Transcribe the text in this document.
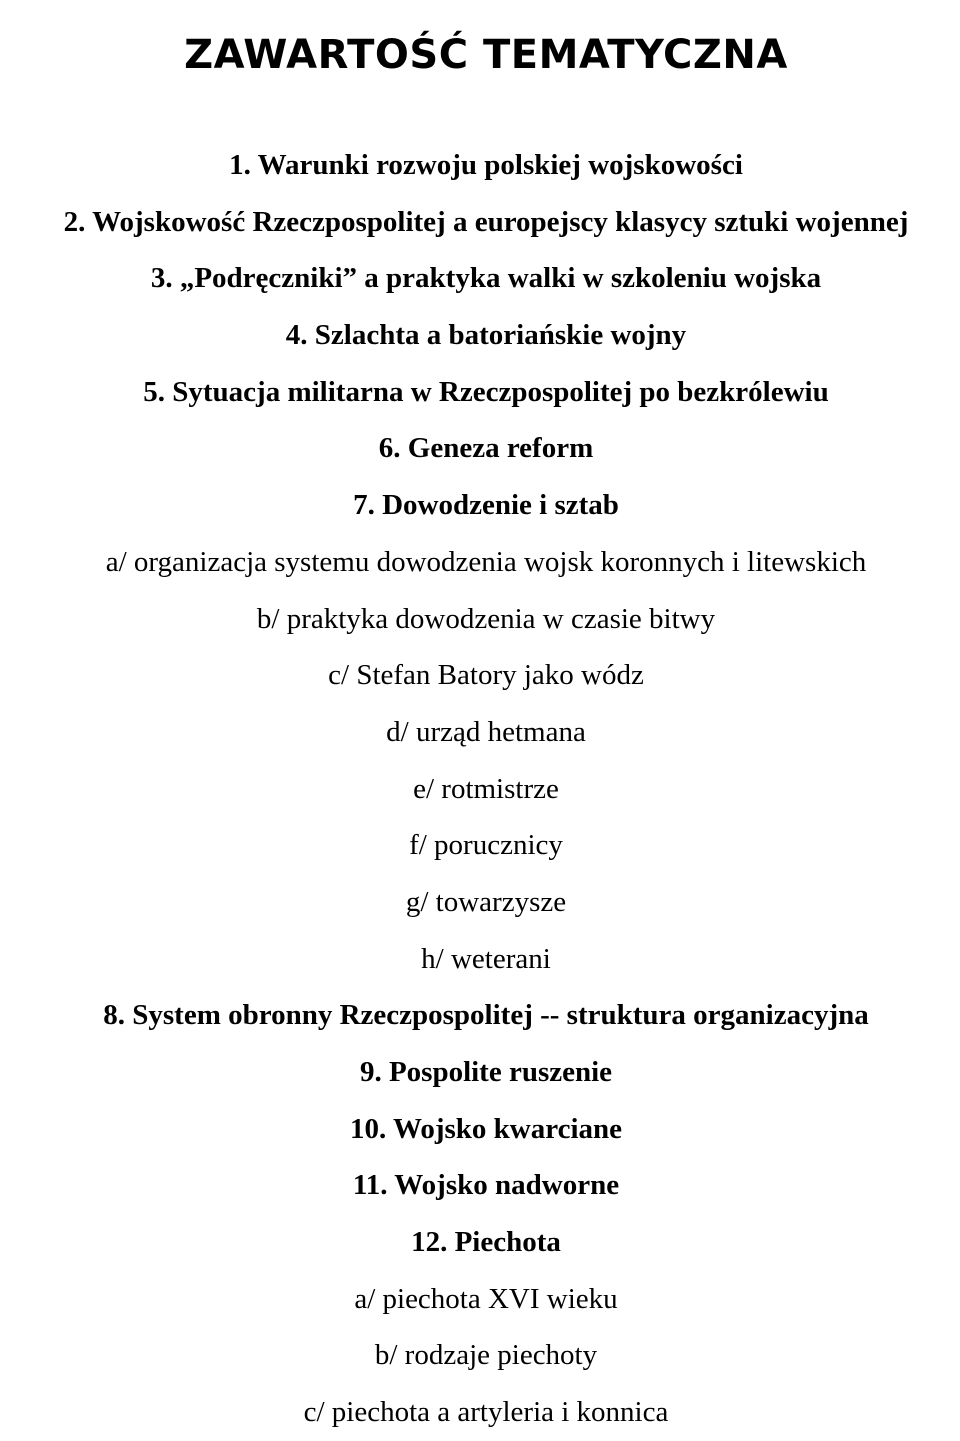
ZAWARTOŚĆ TEMATYCZNA
1. Warunki rozwoju polskiej wojskowości
2. Wojskowość Rzeczpospolitej a europejscy klasycy sztuki wojennej
3. „Podręczniki” a praktyka walki w szkoleniu wojska
4. Szlachta a batoriańskie wojny
5. Sytuacja militarna w Rzeczpospolitej po bezkrólewiu
6. Geneza reform
7. Dowodzenie i sztab
a/ organizacja systemu dowodzenia wojsk koronnych i litewskich
b/ praktyka dowodzenia w czasie bitwy
c/ Stefan Batory jako wódz
d/ urząd hetmana
e/ rotmistrze
f/ porucznicy
g/ towarzysze
h/ weterani
8. System obronny Rzeczpospolitej -- struktura organizacyjna
9. Pospolite ruszenie
10. Wojsko kwarciane
11. Wojsko nadworne
12. Piechota
a/ piechota XVI wieku
b/ rodzaje piechoty
c/ piechota a artyleria i konnica
